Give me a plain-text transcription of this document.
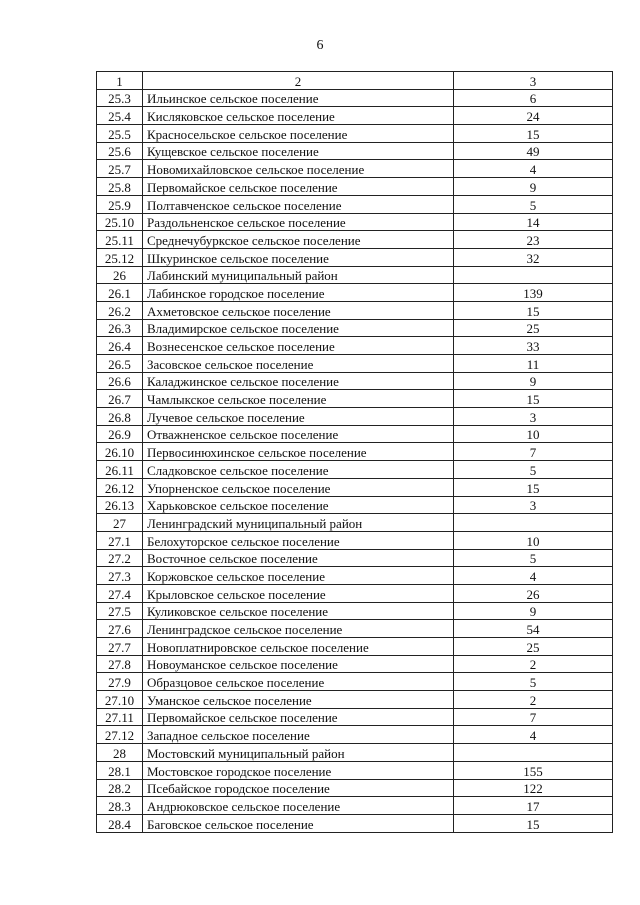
6
1	2	3
25.3	Ильинское сельское поселение	6
25.4	Кисляковское сельское поселение	24
25.5	Красносельское сельское поселение	15
25.6	Кущевское сельское поселение	49
25.7	Новомихайловское сельское поселение	4
25.8	Первомайское сельское поселение	9
25.9	Полтавченское сельское поселение	5
25.10	Раздольненское сельское поселение	14
25.11	Среднечубуркское сельское поселение	23
25.12	Шкуринское сельское поселение	32
26	Лабинский муниципальный район	
26.1	Лабинское городское поселение	139
26.2	Ахметовское сельское поселение	15
26.3	Владимирское сельское поселение	25
26.4	Вознесенское сельское поселение	33
26.5	Засовское сельское поселение	11
26.6	Каладжинское сельское поселение	9
26.7	Чамлыкское сельское поселение	15
26.8	Лучевое сельское поселение	3
26.9	Отважненское сельское поселение	10
26.10	Первосинюхинское сельское поселение	7
26.11	Сладковское сельское поселение	5
26.12	Упорненское сельское поселение	15
26.13	Харьковское сельское поселение	3
27	Ленинградский муниципальный район	
27.1	Белохуторское сельское поселение	10
27.2	Восточное сельское поселение	5
27.3	Коржовское сельское поселение	4
27.4	Крыловское сельское поселение	26
27.5	Куликовское сельское поселение	9
27.6	Ленинградское сельское поселение	54
27.7	Новоплатнировское сельское поселение	25
27.8	Новоуманское сельское поселение	2
27.9	Образцовое сельское поселение	5
27.10	Уманское сельское поселение	2
27.11	Первомайское сельское поселение	7
27.12	Западное сельское поселение	4
28	Мостовский муниципальный район	
28.1	Мостовское городское поселение	155
28.2	Псебайское городское поселение	122
28.3	Андрюковское сельское поселение	17
28.4	Баговское сельское поселение	15
